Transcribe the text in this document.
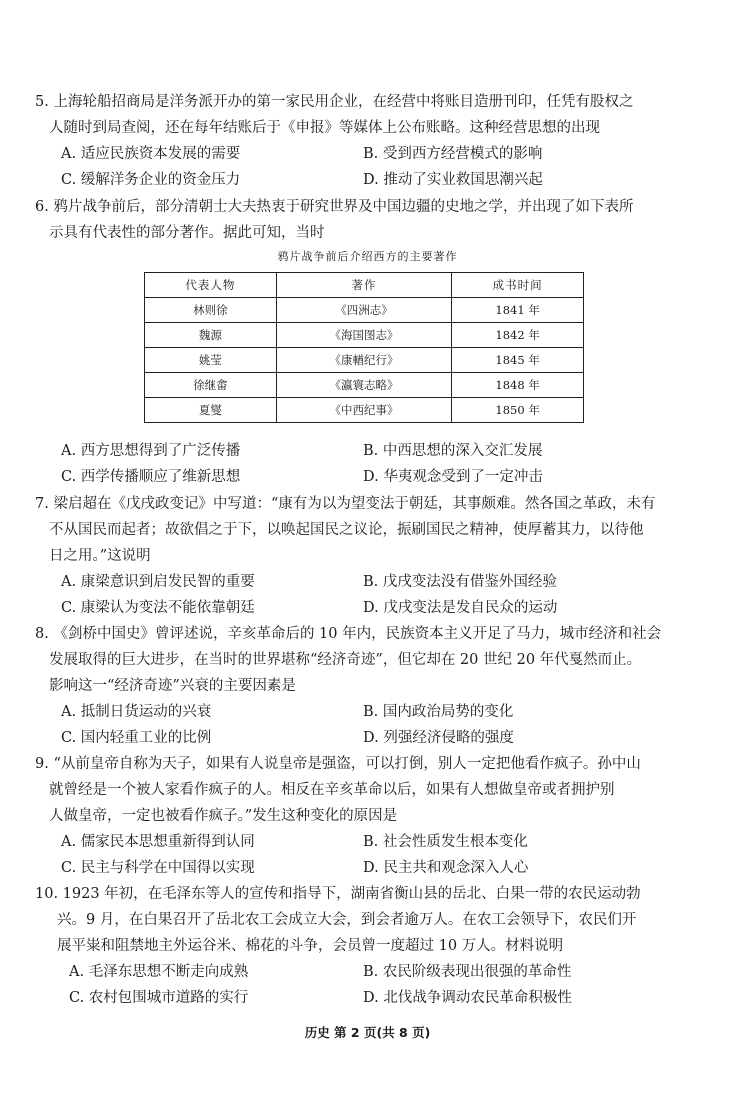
5. 上海轮船招商局是洋务派开办的第一家民用企业，在经营中将账目造册刊印，任凭有股权之
人随时到局查阅，还在每年结账后于《申报》等媒体上公布账略。这种经营思想的出现
A. 适应民族资本发展的需要	B. 受到西方经营模式的影响
C. 缓解洋务企业的资金压力	D. 推动了实业救国思潮兴起
6. 鸦片战争前后，部分清朝士大夫热衷于研究世界及中国边疆的史地之学，并出现了如下表所
示具有代表性的部分著作。据此可知，当时
鸦片战争前后介绍西方的主要著作
代表人物	著作	成书时间
林则徐	《四洲志》	1841 年
魏源	《海国图志》	1842 年
姚莹	《康輶纪行》	1845 年
徐继畬	《瀛寰志略》	1848 年
夏燮	《中西纪事》	1850 年
A. 西方思想得到了广泛传播	B. 中西思想的深入交汇发展
C. 西学传播顺应了维新思想	D. 华夷观念受到了一定冲击
7. 梁启超在《戊戌政变记》中写道：“康有为以为望变法于朝廷，其事颇难。然各国之革政，未有
不从国民而起者；故欲倡之于下，以唤起国民之议论，振刷国民之精神，使厚蓄其力，以待他
日之用。”这说明
A. 康梁意识到启发民智的重要	B. 戊戌变法没有借鉴外国经验
C. 康梁认为变法不能依靠朝廷	D. 戊戌变法是发自民众的运动
8. 《剑桥中国史》曾评述说，辛亥革命后的 10 年内，民族资本主义开足了马力，城市经济和社会
发展取得的巨大进步，在当时的世界堪称“经济奇迹”，但它却在 20 世纪 20 年代戛然而止。
影响这一“经济奇迹”兴衰的主要因素是
A. 抵制日货运动的兴衰	B. 国内政治局势的变化
C. 国内轻重工业的比例	D. 列强经济侵略的强度
9. “从前皇帝自称为天子，如果有人说皇帝是强盗，可以打倒，别人一定把他看作疯子。孙中山
就曾经是一个被人家看作疯子的人。相反在辛亥革命以后，如果有人想做皇帝或者拥护别
人做皇帝，一定也被看作疯子。”发生这种变化的原因是
A. 儒家民本思想重新得到认同	B. 社会性质发生根本变化
C. 民主与科学在中国得以实现	D. 民主共和观念深入人心
10. 1923 年初，在毛泽东等人的宣传和指导下，湖南省衡山县的岳北、白果一带的农民运动勃
兴。9 月，在白果召开了岳北农工会成立大会，到会者逾万人。在农工会领导下，农民们开
展平粜和阻禁地主外运谷米、棉花的斗争，会员曾一度超过 10 万人。材料说明
A. 毛泽东思想不断走向成熟	B. 农民阶级表现出很强的革命性
C. 农村包围城市道路的实行	D. 北伐战争调动农民革命积极性
历史 第 2 页(共 8 页)
